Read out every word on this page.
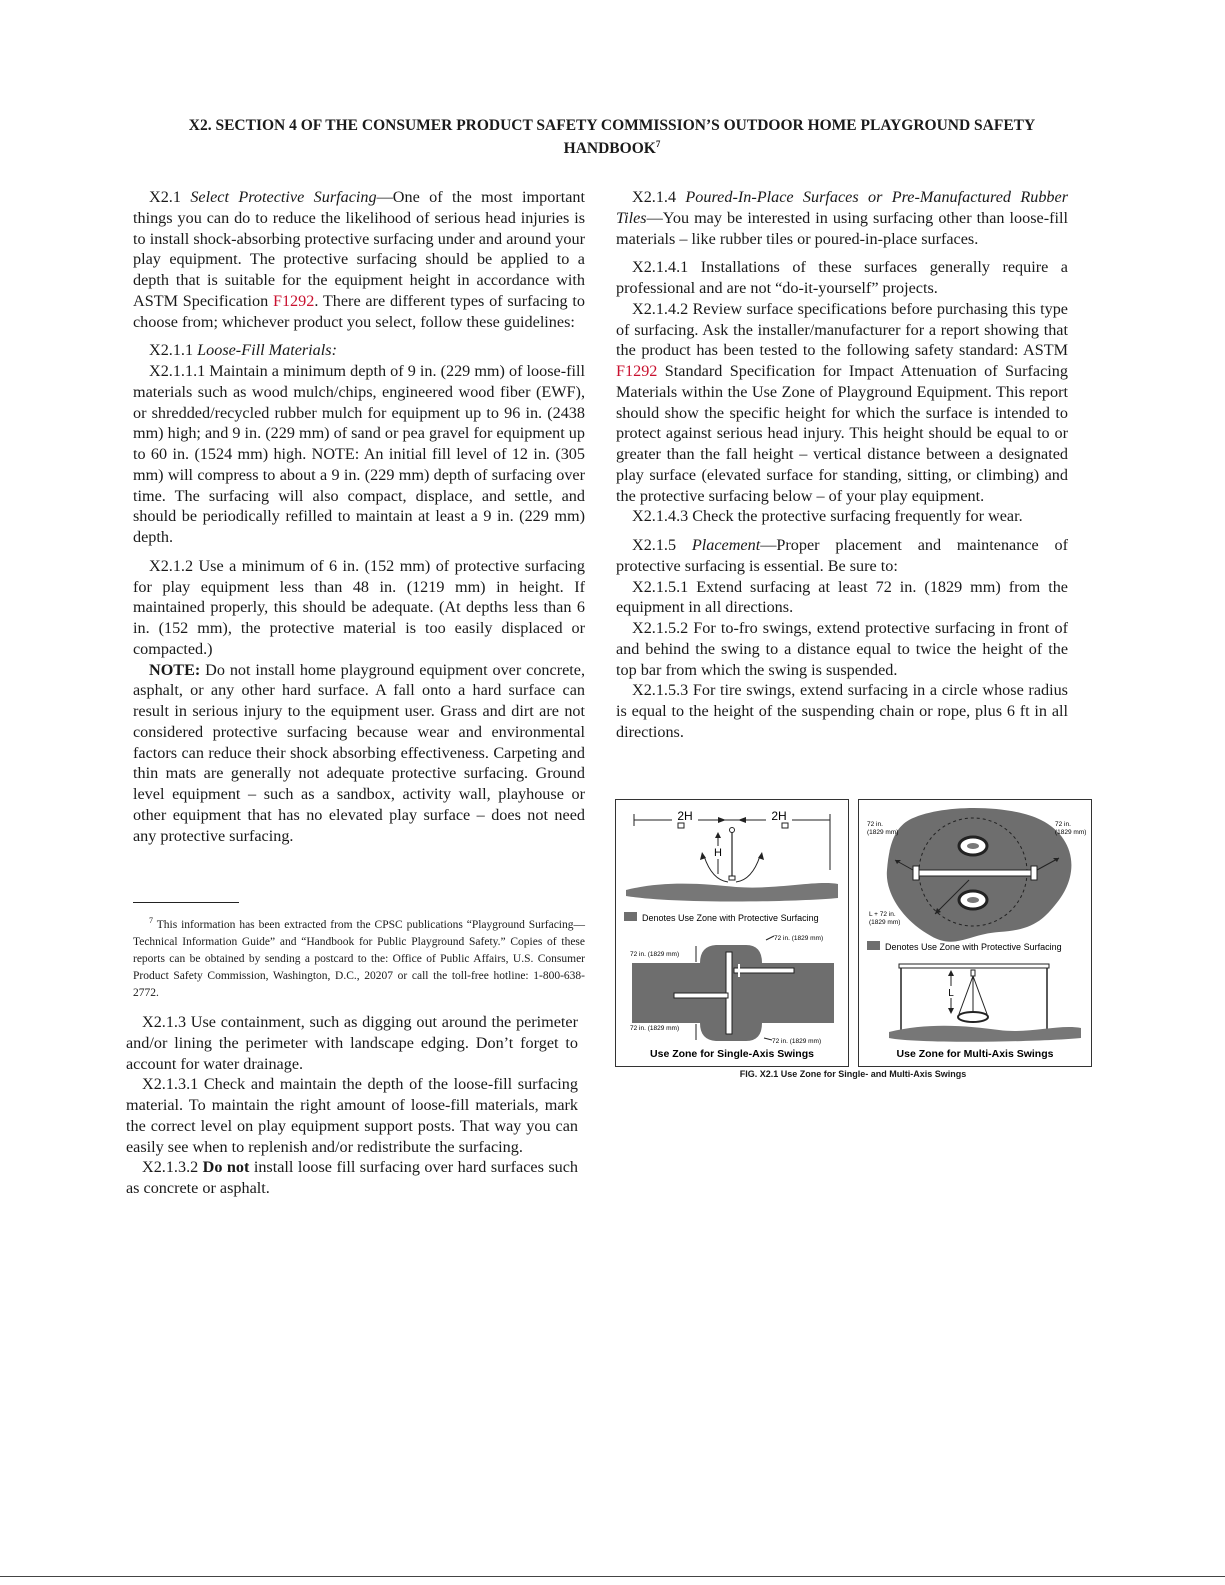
X2. SECTION 4 OF THE CONSUMER PRODUCT SAFETY COMMISSION’S OUTDOOR HOME PLAYGROUND SAFETY
HANDBOOK$^7$

X2.1 Select Protective Surfacing—One of the most important things you can do to reduce the likelihood of serious head injuries is to install shock-absorbing protective surfacing under and around your play equipment. The protective surfacing should be applied to a depth that is suitable for the equipment height in accordance with ASTM Specification F1292. There are different types of surfacing to choose from; whichever product you select, follow these guidelines:

X2.1.1 Loose-Fill Materials:

X2.1.1.1 Maintain a minimum depth of 9 in. (229 mm) of loose-fill materials such as wood mulch/chips, engineered wood fiber (EWF), or shredded/recycled rubber mulch for equipment up to 96 in. (2438 mm) high; and 9 in. (229 mm) of sand or pea gravel for equipment up to 60 in. (1524 mm) high. NOTE: An initial fill level of 12 in. (305 mm) will compress to about a 9 in. (229 mm) depth of surfacing over time. The surfacing will also compact, displace, and settle, and should be periodically refilled to maintain at least a 9 in. (229 mm) depth.

X2.1.2 Use a minimum of 6 in. (152 mm) of protective surfacing for play equipment less than 48 in. (1219 mm) in height. If maintained properly, this should be adequate. (At depths less than 6 in. (152 mm), the protective material is too easily displaced or compacted.)

NOTE: Do not install home playground equipment over concrete, asphalt, or any other hard surface. A fall onto a hard surface can result in serious injury to the equipment user. Grass and dirt are not considered protective surfacing because wear and environmental factors can reduce their shock absorbing effectiveness. Carpeting and thin mats are generally not adequate protective surfacing. Ground level equipment – such as a sandbox, activity wall, playhouse or other equipment that has no elevated play surface – does not need any protective surfacing.

$^7$ This information has been extracted from the CPSC publications “Playground Surfacing—Technical Information Guide” and “Handbook for Public Playground Safety.” Copies of these reports can be obtained by sending a postcard to the: Office of Public Affairs, U.S. Consumer Product Safety Commission, Washington, D.C., 20207 or call the toll-free hotline: 1-800-638-2772.

X2.1.3 Use containment, such as digging out around the perimeter and/or lining the perimeter with landscape edging. Don’t forget to account for water drainage.

X2.1.3.1 Check and maintain the depth of the loose-fill surfacing material. To maintain the right amount of loose-fill materials, mark the correct level on play equipment support posts. That way you can easily see when to replenish and/or redistribute the surfacing.

X2.1.3.2 Do not install loose fill surfacing over hard surfaces such as concrete or asphalt.

X2.1.4 Poured-In-Place Surfaces or Pre-Manufactured Rubber Tiles—You may be interested in using surfacing other than loose-fill materials – like rubber tiles or poured-in-place surfaces.

X2.1.4.1 Installations of these surfaces generally require a professional and are not “do-it-yourself” projects.

X2.1.4.2 Review surface specifications before purchasing this type of surfacing. Ask the installer/manufacturer for a report showing that the product has been tested to the following safety standard: ASTM F1292 Standard Specification for Impact Attenuation of Surfacing Materials within the Use Zone of Playground Equipment. This report should show the specific height for which the surface is intended to protect against serious head injury. This height should be equal to or greater than the fall height – vertical distance between a designated play surface (elevated surface for standing, sitting, or climbing) and the protective surfacing below – of your play equipment.

X2.1.4.3 Check the protective surfacing frequently for wear.

X2.1.5 Placement—Proper placement and maintenance of protective surfacing is essential. Be sure to:

X2.1.5.1 Extend surfacing at least 72 in. (1829 mm) from the equipment in all directions.

X2.1.5.2 For to-fro swings, extend protective surfacing in front of and behind the swing to a distance equal to twice the height of the top bar from which the swing is suspended.

X2.1.5.3 For tire swings, extend surfacing in a circle whose radius is equal to the height of the suspending chain or rope, plus 6 ft in all directions.

2H	2H
H
Denotes Use Zone with Protective Surfacing
72 in. (1829 mm)
72 in. (1829 mm)
72 in. (1829 mm)
72 in. (1829 mm)
Use Zone for Single-Axis Swings
72 in.
(1829 mm)
72 in.
(1829 mm)
L + 72 in.
(1829 mm)
Denotes Use Zone with Protective Surfacing
L
Use Zone for Multi-Axis Swings
FIG. X2.1 Use Zone for Single- and Multi-Axis Swings
